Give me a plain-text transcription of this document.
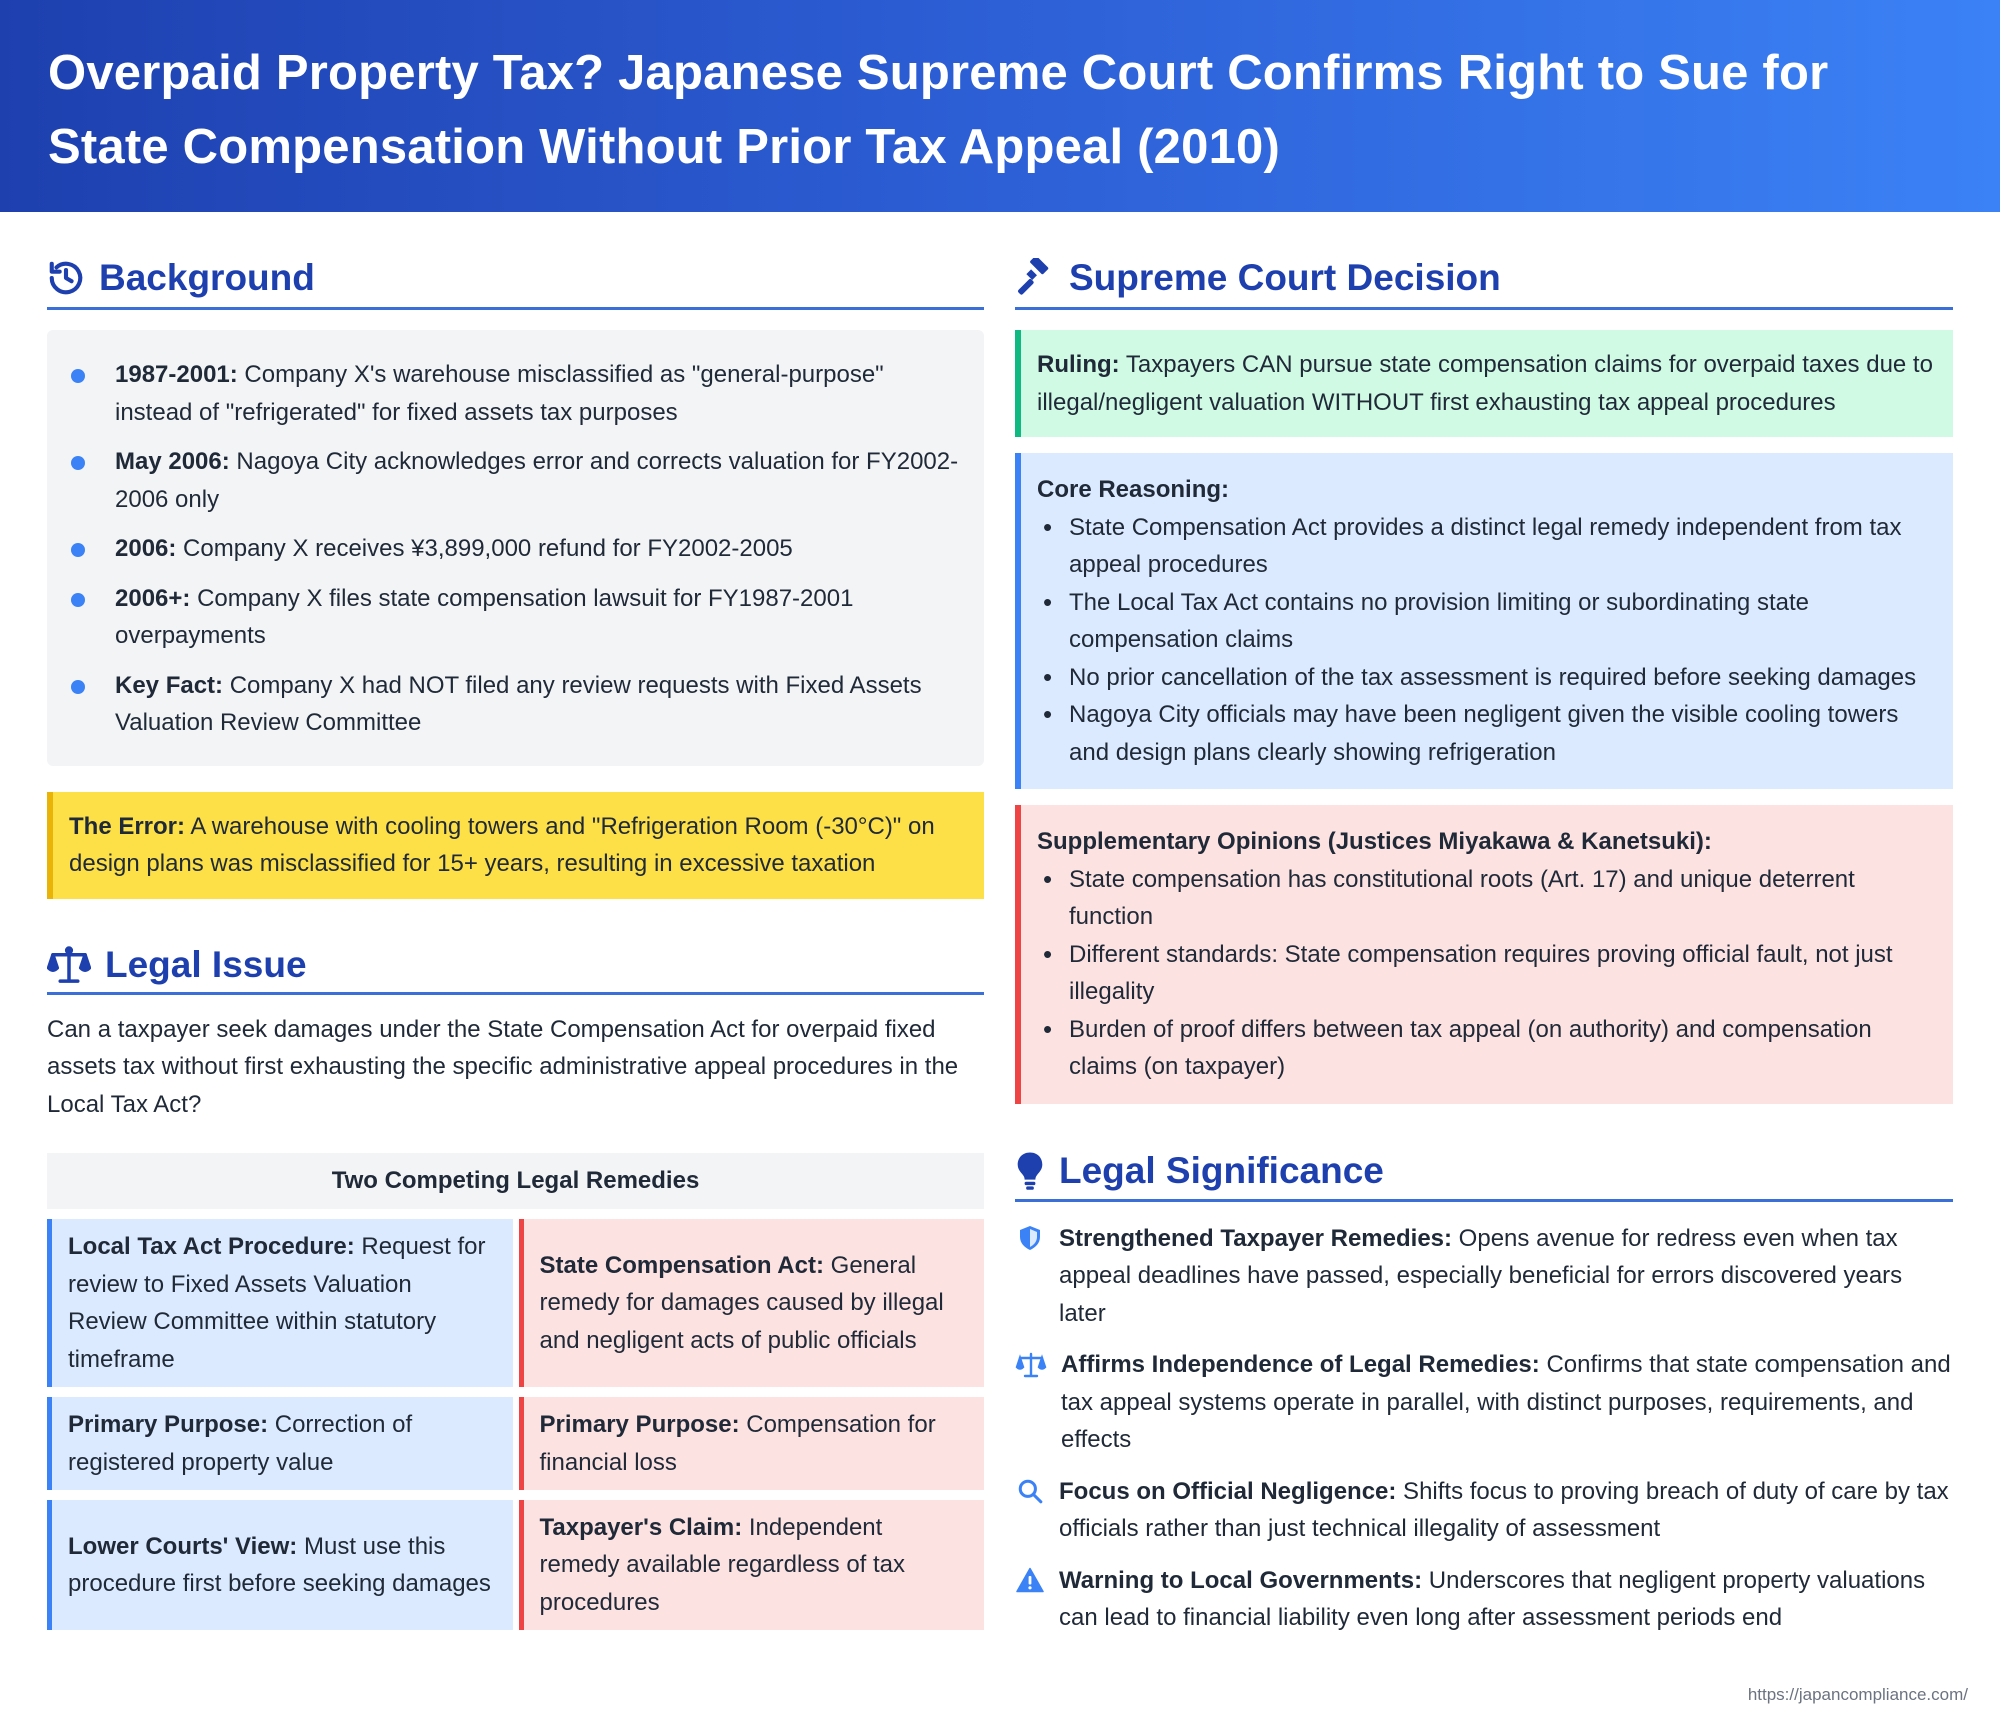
Overpaid Property Tax? Japanese Supreme Court Confirms Right to Sue for State Compensation Without Prior Tax Appeal (2010)
Background
1987-2001: Company X's warehouse misclassified as "general-purpose" instead of "refrigerated" for fixed assets tax purposes
May 2006: Nagoya City acknowledges error and corrects valuation for FY2002-2006 only
2006: Company X receives ¥3,899,000 refund for FY2002-2005
2006+: Company X files state compensation lawsuit for FY1987-2001 overpayments
Key Fact: Company X had NOT filed any review requests with Fixed Assets Valuation Review Committee
The Error: A warehouse with cooling towers and "Refrigeration Room (-30°C)" on design plans was misclassified for 15+ years, resulting in excessive taxation
Legal Issue

Can a taxpayer seek damages under the State Compensation Act for overpaid fixed assets tax without first exhausting the specific administrative appeal procedures in the Local Tax Act?

Two Competing Legal Remedies
Local Tax Act Procedure: Request for review to Fixed Assets Valuation Review Committee within statutory timeframe
State Compensation Act: General remedy for damages caused by illegal and negligent acts of public officials
Primary Purpose: Correction of registered property value
Primary Purpose: Compensation for financial loss
Lower Courts' View: Must use this procedure first before seeking damages
Taxpayer's Claim: Independent remedy available regardless of tax procedures
Supreme Court Decision
Ruling: Taxpayers CAN pursue state compensation claims for overpaid taxes due to illegal/negligent valuation WITHOUT first exhausting tax appeal procedures
Core Reasoning:
• State Compensation Act provides a distinct legal remedy independent from tax appeal procedures
• The Local Tax Act contains no provision limiting or subordinating state compensation claims
• No prior cancellation of the tax assessment is required before seeking damages
• Nagoya City officials may have been negligent given the visible cooling towers and design plans clearly showing refrigeration
Supplementary Opinions (Justices Miyakawa & Kanetsuki):
• State compensation has constitutional roots (Art. 17) and unique deterrent function
• Different standards: State compensation requires proving official fault, not just illegality
• Burden of proof differs between tax appeal (on authority) and compensation claims (on taxpayer)
Legal Significance
Strengthened Taxpayer Remedies: Opens avenue for redress even when tax appeal deadlines have passed, especially beneficial for errors discovered years later
Affirms Independence of Legal Remedies: Confirms that state compensation and tax appeal systems operate in parallel, with distinct purposes, requirements, and effects
Focus on Official Negligence: Shifts focus to proving breach of duty of care by tax officials rather than just technical illegality of assessment
Warning to Local Governments: Underscores that negligent property valuations can lead to financial liability even long after assessment periods end
https://japancompliance.com/
